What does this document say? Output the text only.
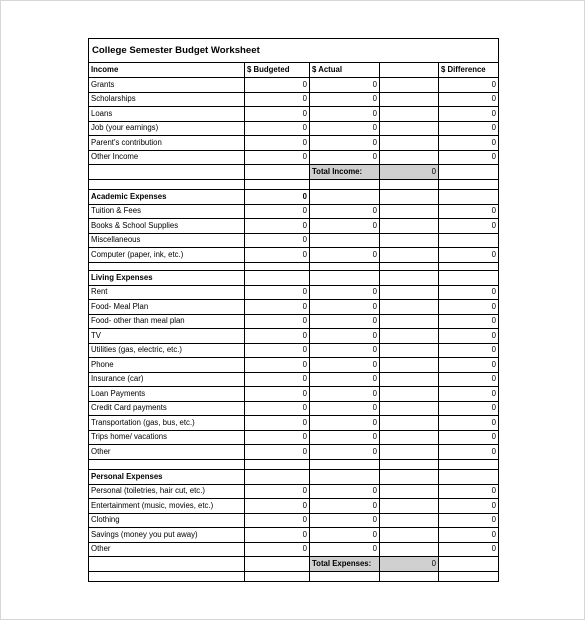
College Semester Budget Worksheet				
Income	$ Budgeted	$ Actual		$ Difference
Grants	0	0		0
Scholarships	0	0		0
Loans	0	0		0
Job (your earnings)	0	0		0
Parent's contribution	0	0		0
Other Income	0	0		0
		Total Income:	0	

Academic Expenses	0			
Tuition & Fees	0	0		0
Books & School Supplies	0	0		0
Miscellaneous	0			
Computer (paper, ink, etc.)	0	0		0

Living Expenses				
Rent	0	0		0
Food- Meal Plan	0	0		0
Food- other than meal plan	0	0		0
TV	0	0		0
Utilities (gas, electric, etc.)	0	0		0
Phone	0	0		0
Insurance (car)	0	0		0
Loan Payments	0	0		0
Credit Card payments	0	0		0
Transportation (gas, bus, etc.)	0	0		0
Trips home/ vacations	0	0		0
Other	0	0		0

Personal Expenses				
Personal (toiletries, hair cut, etc.)	0	0		0
Entertainment (music, movies, etc.)	0	0		0
Clothing	0	0		0
Savings (money you put away)	0	0		0
Other	0	0		0
		Total Expenses:	0	
